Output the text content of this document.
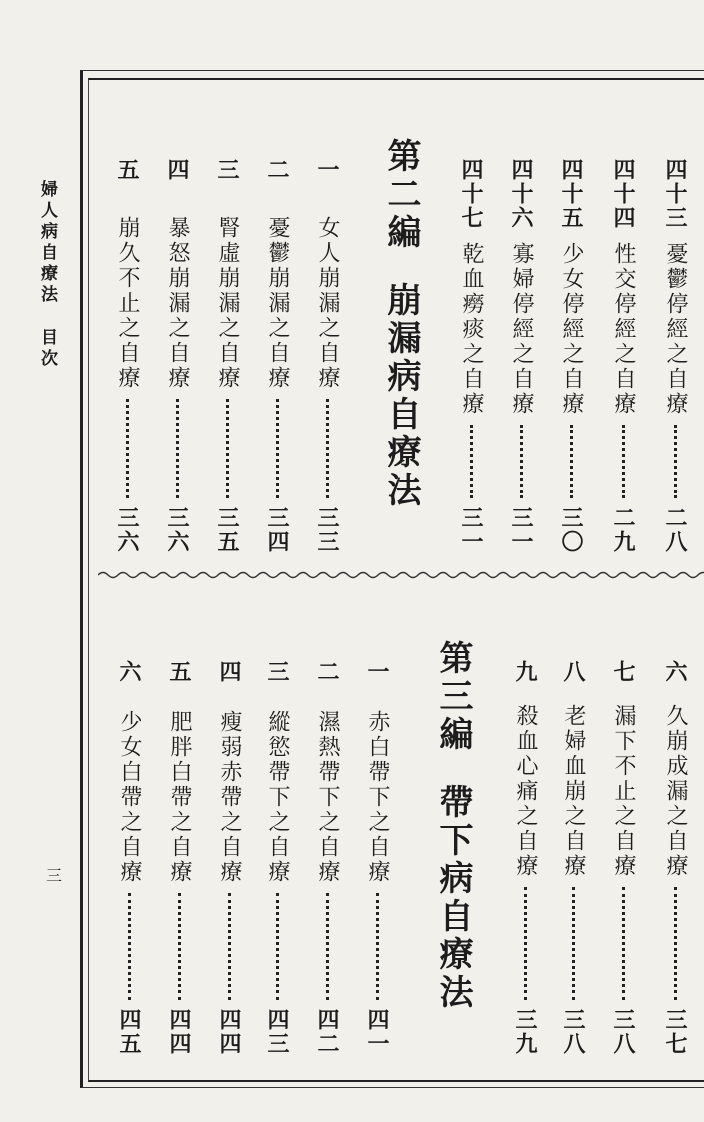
婦人病自療法目次
三
四十三
憂鬱停經之自療
二八
四十四
性交停經之自療
二九
四十五
少女停經之自療
三〇
四十六
寡婦停經之自療
三一
四十七
乾血癆痰之自療
三一
第二編崩漏病自療法
一
女人崩漏之自療
三三
二
憂鬱崩漏之自療
三四
三
腎虛崩漏之自療
三五
四
暴怒崩漏之自療
三六
五
崩久不止之自療
三六
六
久崩成漏之自療
三七
七
漏下不止之自療
三八
八
老婦血崩之自療
三八
九
殺血心痛之自療
三九
第三編帶下病自療法
一
赤白帶下之自療
四一
二
濕熱帶下之自療
四二
三
縱慾帶下之自療
四三
四
瘦弱赤帶之自療
四四
五
肥胖白帶之自療
四四
六
少女白帶之自療
四五
